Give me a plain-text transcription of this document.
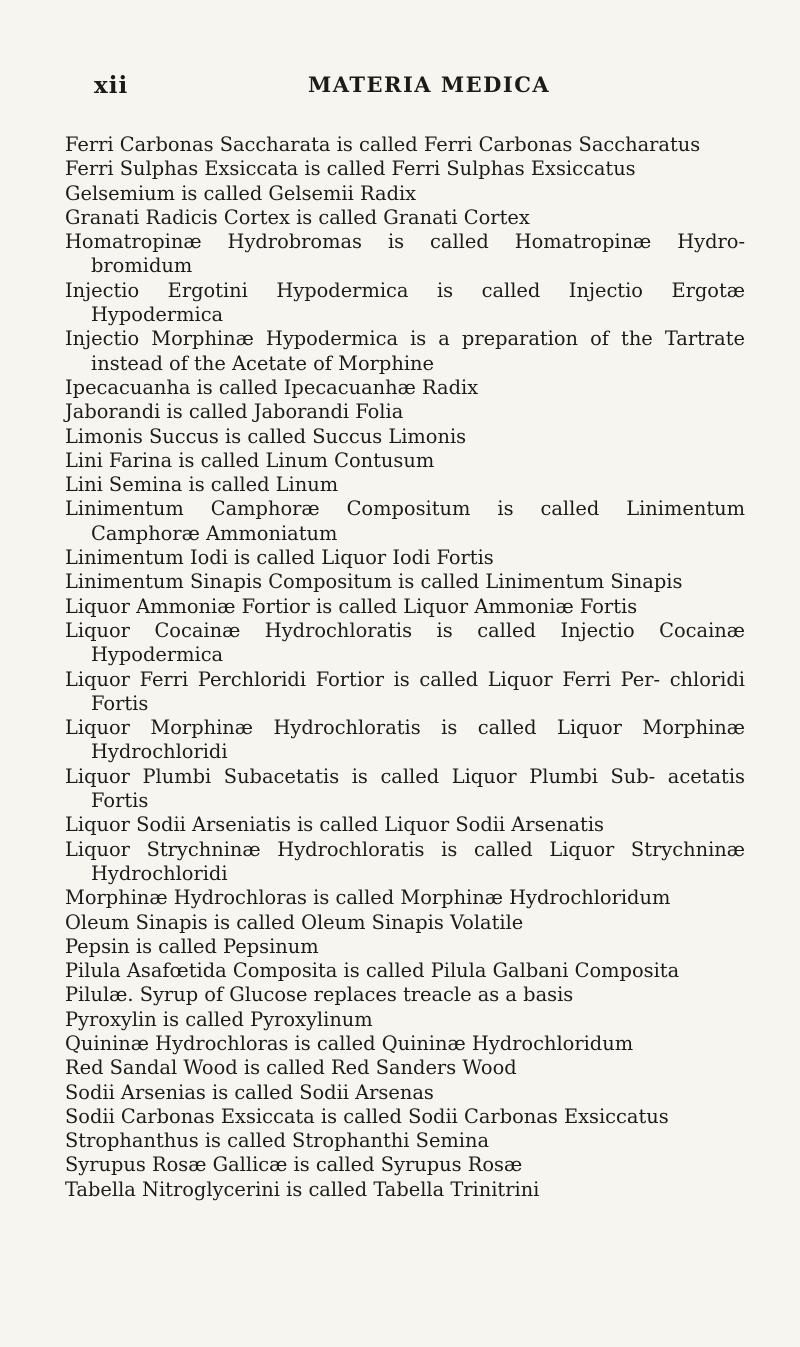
xii	MATERIA MEDICA
Ferri Carbonas Saccharata is called Ferri Carbonas Saccharatus
Ferri Sulphas Exsiccata is called Ferri Sulphas Exsiccatus
Gelsemium is called Gelsemii Radix
Granati Radicis Cortex is called Granati Cortex
Homatropinæ Hydrobromas is called Homatropinæ Hydro- bromidum
Injectio Ergotini Hypodermica is called Injectio Ergotæ Hypodermica
Injectio Morphinæ Hypodermica is a preparation of the Tartrate instead of the Acetate of Morphine
Ipecacuanha is called Ipecacuanhæ Radix
Jaborandi is called Jaborandi Folia
Limonis Succus is called Succus Limonis
Lini Farina is called Linum Contusum
Lini Semina is called Linum
Linimentum Camphoræ Compositum is called Linimentum Camphoræ Ammoniatum
Linimentum Iodi is called Liquor Iodi Fortis
Linimentum Sinapis Compositum is called Linimentum Sinapis
Liquor Ammoniæ Fortior is called Liquor Ammoniæ Fortis
Liquor Cocainæ Hydrochloratis is called Injectio Cocainæ Hypodermica
Liquor Ferri Perchloridi Fortior is called Liquor Ferri Per- chloridi Fortis
Liquor Morphinæ Hydrochloratis is called Liquor Morphinæ Hydrochloridi
Liquor Plumbi Subacetatis is called Liquor Plumbi Sub- acetatis Fortis
Liquor Sodii Arseniatis is called Liquor Sodii Arsenatis
Liquor Strychninæ Hydrochloratis is called Liquor Strychninæ Hydrochloridi
Morphinæ Hydrochloras is called Morphinæ Hydrochloridum
Oleum Sinapis is called Oleum Sinapis Volatile
Pepsin is called Pepsinum
Pilula Asafœtida Composita is called Pilula Galbani Composita
Pilulæ. Syrup of Glucose replaces treacle as a basis
Pyroxylin is called Pyroxylinum
Quininæ Hydrochloras is called Quininæ Hydrochloridum
Red Sandal Wood is called Red Sanders Wood
Sodii Arsenias is called Sodii Arsenas
Sodii Carbonas Exsiccata is called Sodii Carbonas Exsiccatus
Strophanthus is called Strophanthi Semina
Syrupus Rosæ Gallicæ is called Syrupus Rosæ
Tabella Nitroglycerini is called Tabella Trinitrini
